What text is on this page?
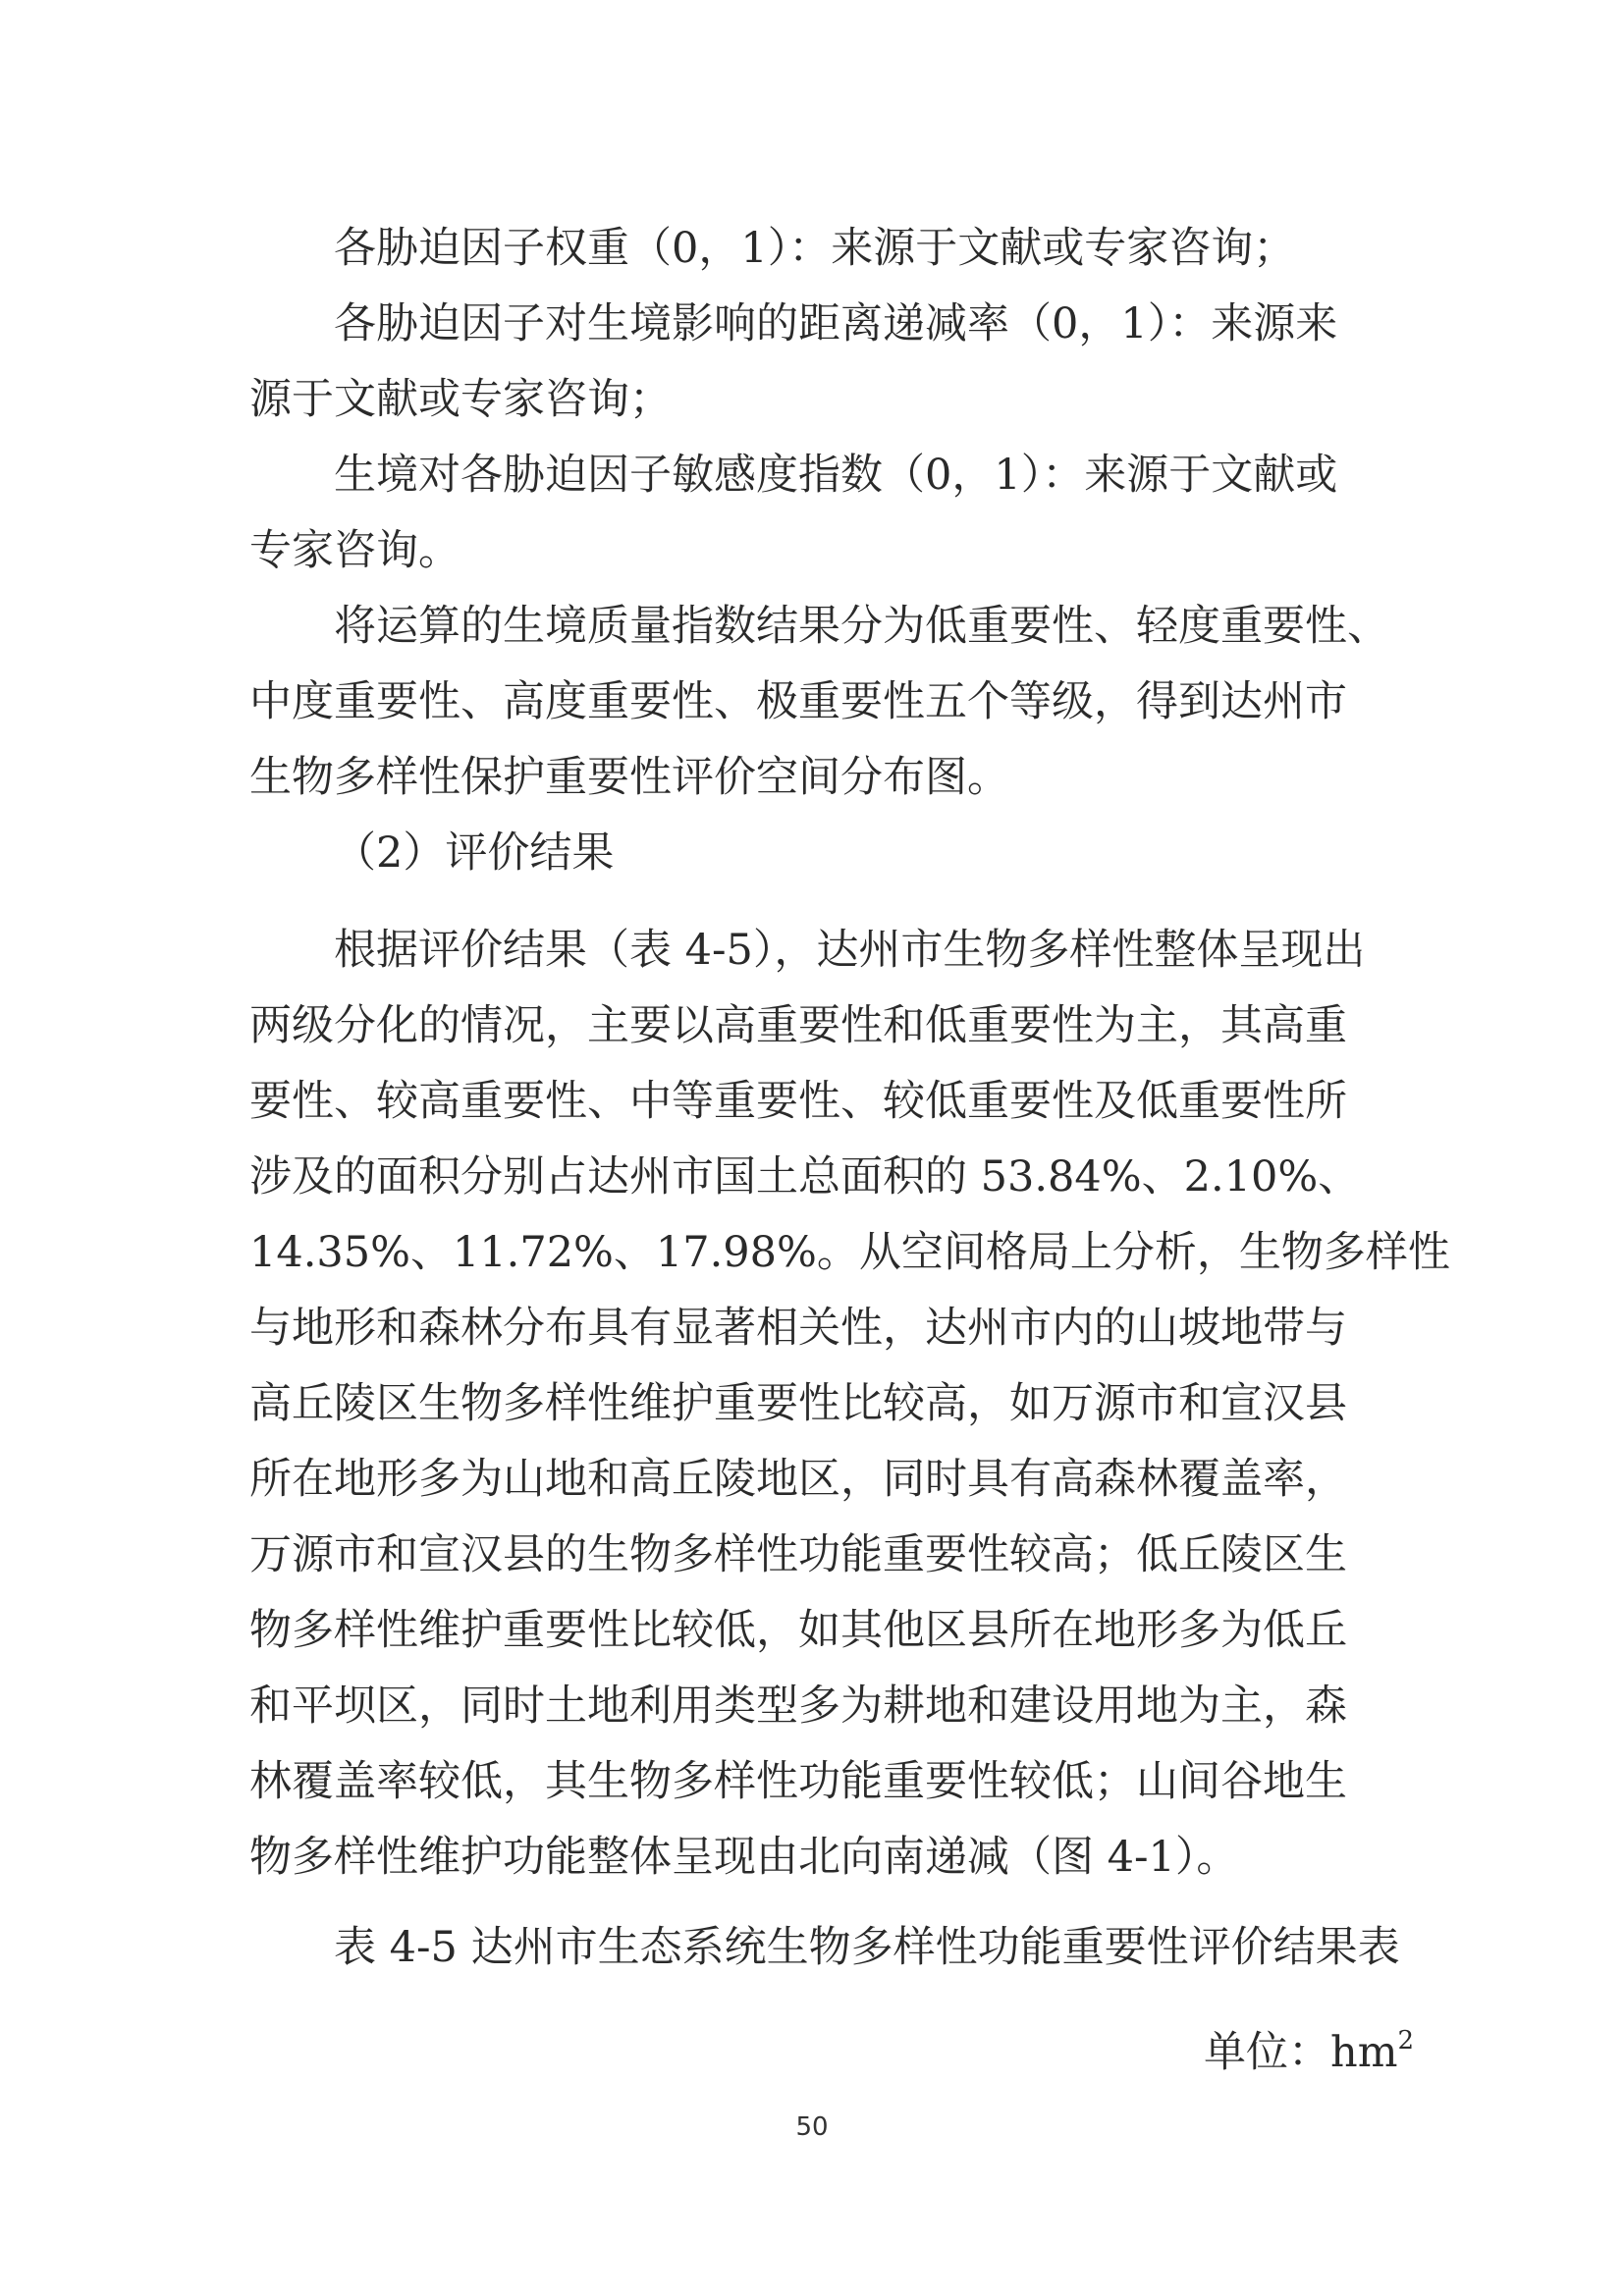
各胁迫因子权重（0，1）：来源于文献或专家咨询；
各胁迫因子对生境影响的距离递减率（0，1）：来源来
源于文献或专家咨询；
生境对各胁迫因子敏感度指数（0，1）：来源于文献或
专家咨询。
将运算的生境质量指数结果分为低重要性、轻度重要性、
中度重要性、高度重要性、极重要性五个等级，得到达州市
生物多样性保护重要性评价空间分布图。
（2）评价结果
根据评价结果（表 4-5），达州市生物多样性整体呈现出
两级分化的情况，主要以高重要性和低重要性为主，其高重
要性、较高重要性、中等重要性、较低重要性及低重要性所
涉及的面积分别占达州市国土总面积的 53.84%、2.10%、
14.35%、11.72%、17.98%。从空间格局上分析，生物多样性
与地形和森林分布具有显著相关性，达州市内的山坡地带与
高丘陵区生物多样性维护重要性比较高，如万源市和宣汉县
所在地形多为山地和高丘陵地区，同时具有高森林覆盖率，
万源市和宣汉县的生物多样性功能重要性较高；低丘陵区生
物多样性维护重要性比较低，如其他区县所在地形多为低丘
和平坝区，同时土地利用类型多为耕地和建设用地为主，森
林覆盖率较低，其生物多样性功能重要性较低；山间谷地生
物多样性维护功能整体呈现由北向南递减（图 4-1）。
表 4-5 达州市生态系统生物多样性功能重要性评价结果表
单位：$hm^2$
50
